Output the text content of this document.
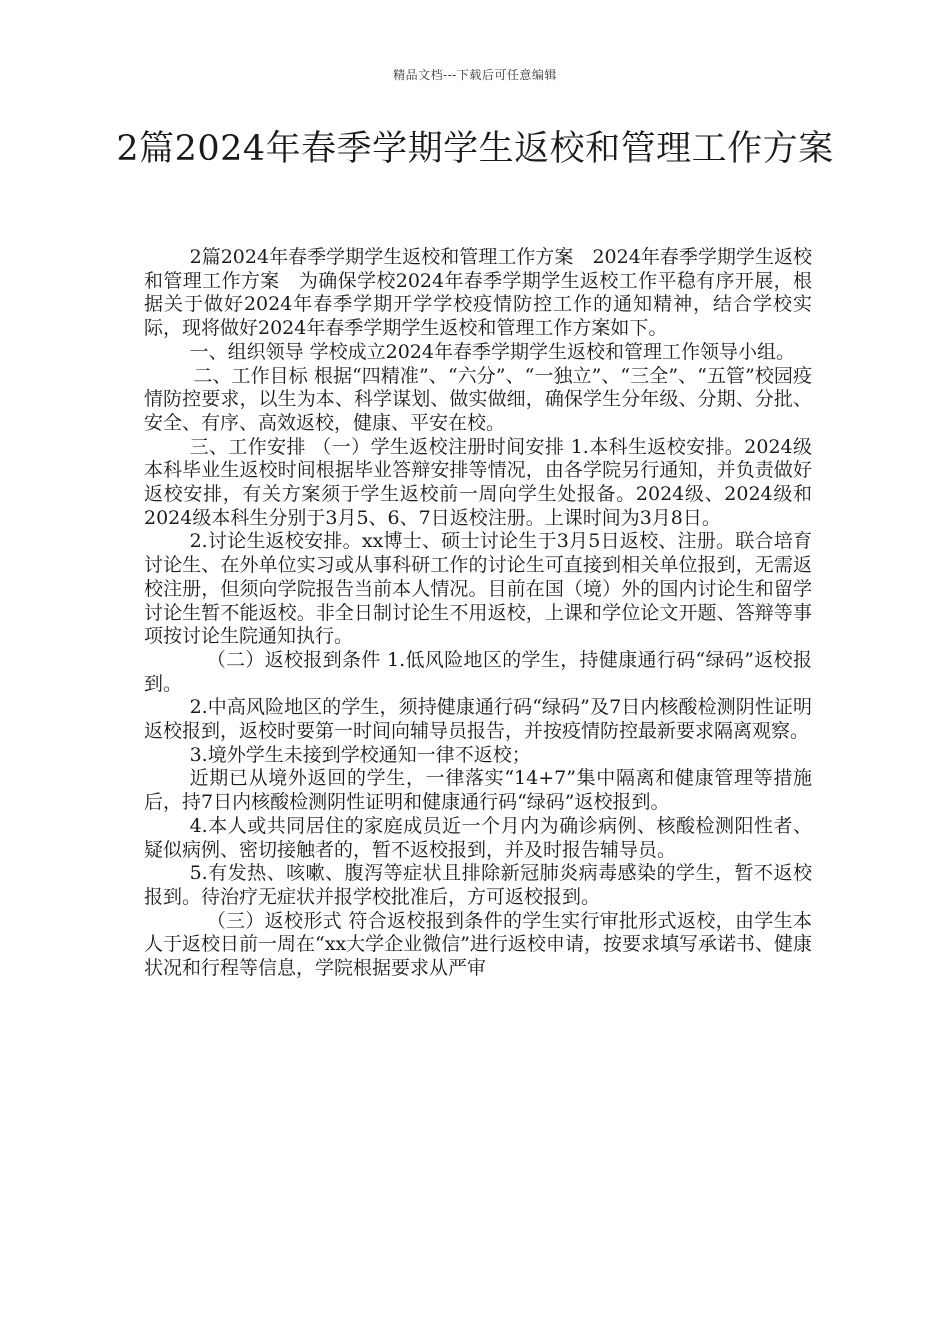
精品文档---下载后可任意编辑
2篇2024年春季学期学生返校和管理工作方案

2篇2024年春季学期学生返校和管理工作方案　2024年春季学期学生返校和管理工作方案　为确保学校2024年春季学期学生返校工作平稳有序开展，根据关于做好2024年春季学期开学学校疫情防控工作的通知精神，结合学校实际，现将做好2024年春季学期学生返校和管理工作方案如下。

一、组织领导 学校成立2024年春季学期学生返校和管理工作领导小组。

二、工作目标 根据“四精准”、“六分”、“一独立”、“三全”、“五管”校园疫情防控要求，以生为本、科学谋划、做实做细，确保学生分年级、分期、分批、安全、有序、高效返校，健康、平安在校。

三、工作安排 （一）学生返校注册时间安排 1.本科生返校安排。2024级本科毕业生返校时间根据毕业答辩安排等情况，由各学院另行通知，并负责做好返校安排，有关方案须于学生返校前一周向学生处报备。2024级、2024级和2024级本科生分别于3月5、6、7日返校注册。上课时间为3月8日。

2.讨论生返校安排。xx博士、硕士讨论生于3月5日返校、注册。联合培育讨论生、在外单位实习或从事科研工作的讨论生可直接到相关单位报到，无需返校注册，但须向学院报告当前本人情况。目前在国（境）外的国内讨论生和留学讨论生暂不能返校。非全日制讨论生不用返校，上课和学位论文开题、答辩等事项按讨论生院通知执行。

（二）返校报到条件 1.低风险地区的学生，持健康通行码“绿码”返校报到。

2.中高风险地区的学生，须持健康通行码“绿码”及7日内核酸检测阴性证明返校报到，返校时要第一时间向辅导员报告，并按疫情防控最新要求隔离观察。

3.境外学生未接到学校通知一律不返校；

近期已从境外返回的学生，一律落实“14+7”集中隔离和健康管理等措施后，持7日内核酸检测阴性证明和健康通行码“绿码”返校报到。

4.本人或共同居住的家庭成员近一个月内为确诊病例、核酸检测阳性者、疑似病例、密切接触者的，暂不返校报到，并及时报告辅导员。

5.有发热、咳嗽、腹泻等症状且排除新冠肺炎病毒感染的学生，暂不返校报到。待治疗无症状并报学校批准后，方可返校报到。

（三）返校形式 符合返校报到条件的学生实行审批形式返校，由学生本人于返校日前一周在“xx大学企业微信”进行返校申请，按要求填写承诺书、健康状况和行程等信息，学院根据要求从严审
